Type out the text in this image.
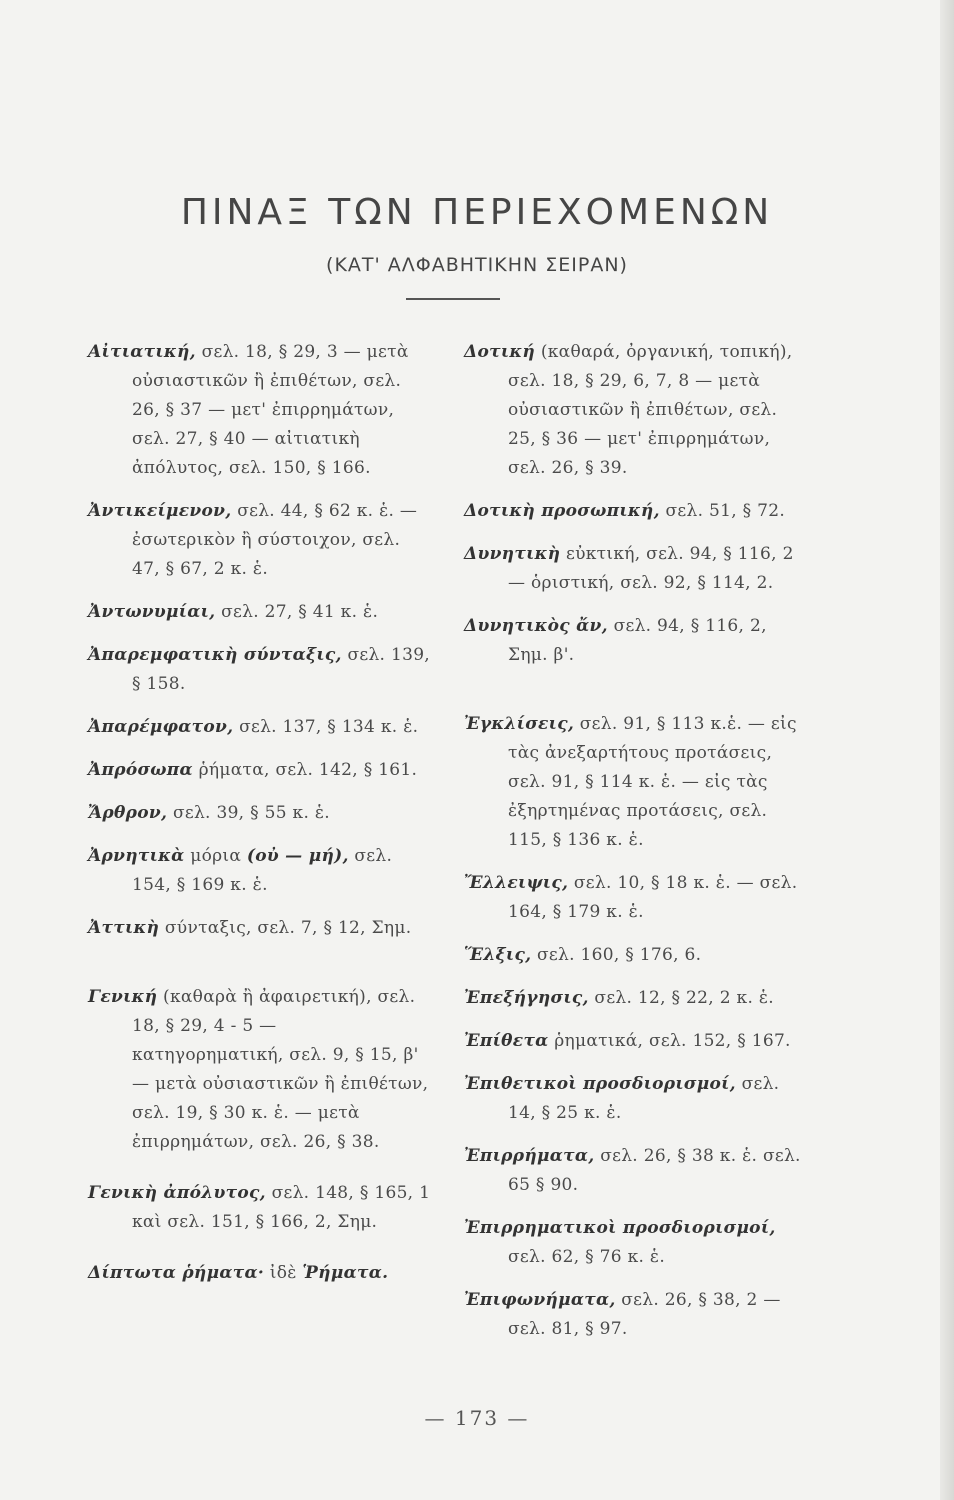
ΠΙΝΑΞ ΤΩΝ ΠΕΡΙΕΧΟΜΕΝΩΝ

(ΚΑΤ' ΑΛΦΑΒΗΤΙΚΗΝ ΣΕΙΡΑΝ)

Αἰτιατική, σελ. 18, § 29, 3 — μετὰ οὐσιαστικῶν ἢ ἐπιθέτων, σελ. 26, § 37 — μετ' ἐπιρρημάτων, σελ. 27, § 40 — αἰτιατικὴ ἀπόλυτος, σελ. 150, § 166.

Ἀντικείμενον, σελ. 44, § 62 κ. ἑ. — ἐσωτερικὸν ἢ σύστοιχον, σελ. 47, § 67, 2 κ. ἑ.

Ἀντωνυμίαι, σελ. 27, § 41 κ. ἑ.

Ἀπαρεμφατικὴ σύνταξις, σελ. 139, § 158.

Ἀπαρέμφατον, σελ. 137, § 134 κ. ἑ.

Ἀπρόσωπα ῥήματα, σελ. 142, § 161.

Ἄρθρον, σελ. 39, § 55 κ. ἑ.

Ἀρνητικὰ μόρια (οὐ — μή), σελ. 154, § 169 κ. ἑ.

Ἀττικὴ σύνταξις, σελ. 7, § 12, Σημ.

Γενική (καθαρὰ ἢ ἀφαιρετική), σελ. 18, § 29, 4 - 5 — κατηγορηματική, σελ. 9, § 15, β' — μετὰ οὐσιαστικῶν ἢ ἐπιθέτων, σελ. 19, § 30 κ. ἑ. — μετὰ ἐπιρρημάτων, σελ. 26, § 38.

Γενικὴ ἀπόλυτος, σελ. 148, § 165, 1 καὶ σελ. 151, § 166, 2, Σημ.

Δίπτωτα ῥήματα· ἰδὲ Ῥήματα.

Δοτική (καθαρά, ὀργανική, τοπική), σελ. 18, § 29, 6, 7, 8 — μετὰ οὐσιαστικῶν ἢ ἐπιθέτων, σελ. 25, § 36 — μετ' ἐπιρρημάτων, σελ. 26, § 39.

Δοτικὴ προσωπική, σελ. 51, § 72.

Δυνητικὴ εὐκτική, σελ. 94, § 116, 2 — ὁριστική, σελ. 92, § 114, 2.

Δυνητικὸς ἄν, σελ. 94, § 116, 2, Σημ. β'.

Ἐγκλίσεις, σελ. 91, § 113 κ.ἑ. — εἰς τὰς ἀνεξαρτήτους προτάσεις, σελ. 91, § 114 κ. ἑ. — εἰς τὰς ἐξηρτημένας προτάσεις, σελ. 115, § 136 κ. ἑ.

Ἔλλειψις, σελ. 10, § 18 κ. ἑ. — σελ. 164, § 179 κ. ἑ.

Ἕλξις, σελ. 160, § 176, 6.

Ἐπεξήγησις, σελ. 12, § 22, 2 κ. ἑ.

Ἐπίθετα ῥηματικά, σελ. 152, § 167.

Ἐπιθετικοὶ προσδιορισμοί, σελ. 14, § 25 κ. ἑ.

Ἐπιρρήματα, σελ. 26, § 38 κ. ἑ. σελ. 65 § 90.

Ἐπιρρηματικοὶ προσδιορισμοί, σελ. 62, § 76 κ. ἑ.

Ἐπιφωνήματα, σελ. 26, § 38, 2 — σελ. 81, § 97.

— 173 —
